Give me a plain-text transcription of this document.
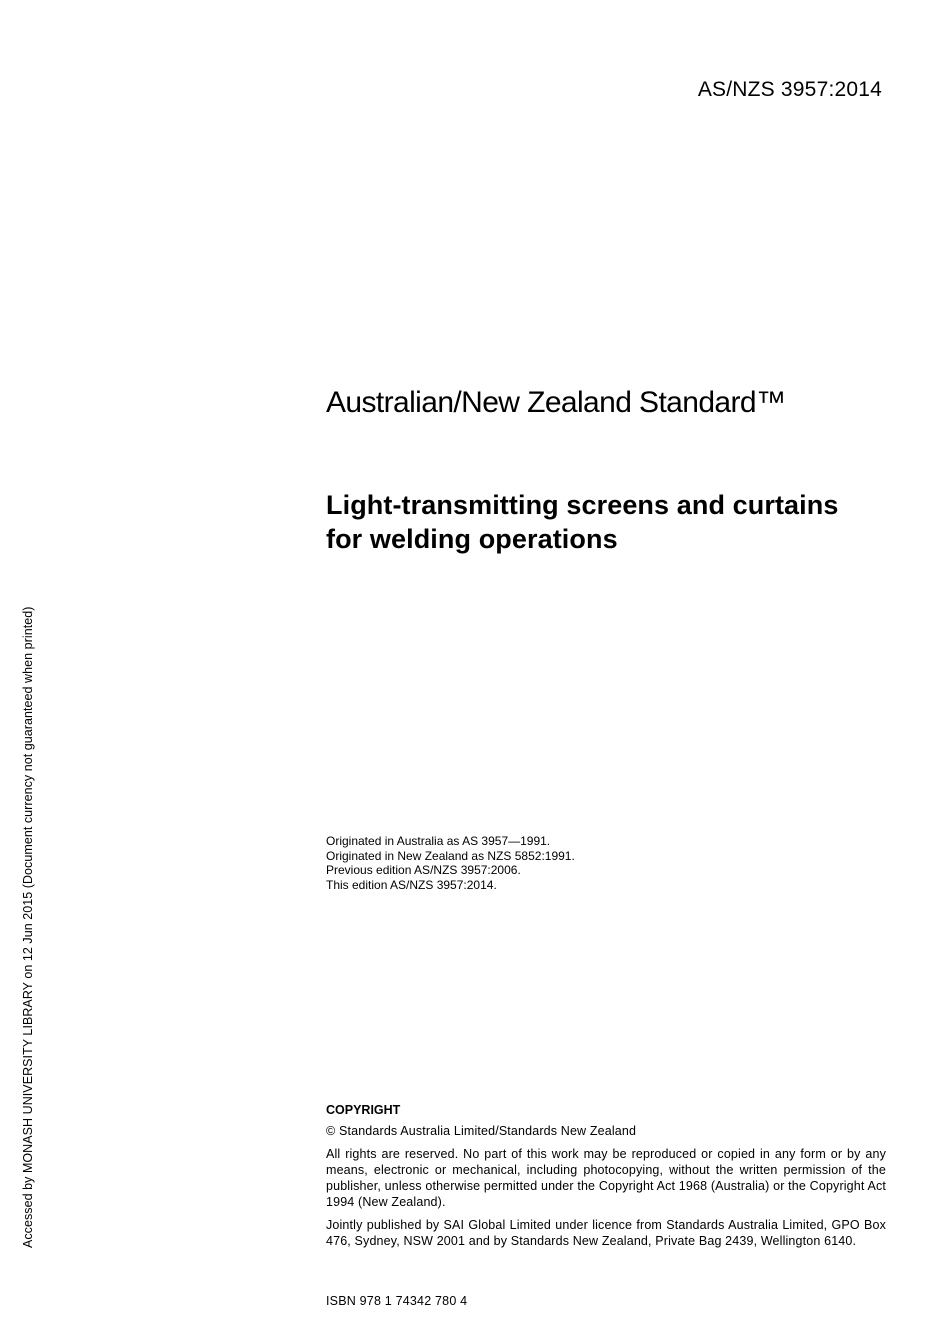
AS/NZS 3957:2014
Australian/New Zealand Standard™
Light-transmitting screens and curtains
for welding operations
Originated in Australia as AS 3957—1991.
Originated in New Zealand as NZS 5852:1991.
Previous edition AS/NZS 3957:2006.
This edition AS/NZS 3957:2014.
COPYRIGHT

© Standards Australia Limited/Standards New Zealand

All rights are reserved. No part of this work may be reproduced or copied in any form or by any means, electronic or mechanical, including photocopying, without the written permission of the publisher, unless otherwise permitted under the Copyright Act 1968 (Australia) or the Copyright Act 1994 (New Zealand).

Jointly published by SAI Global Limited under licence from Standards Australia Limited, GPO Box 476, Sydney, NSW 2001 and by Standards New Zealand, Private Bag 2439, Wellington 6140.

ISBN 978 1 74342 780 4
Accessed by MONASH UNIVERSITY LIBRARY on 12 Jun 2015 (Document currency not guaranteed when printed)
